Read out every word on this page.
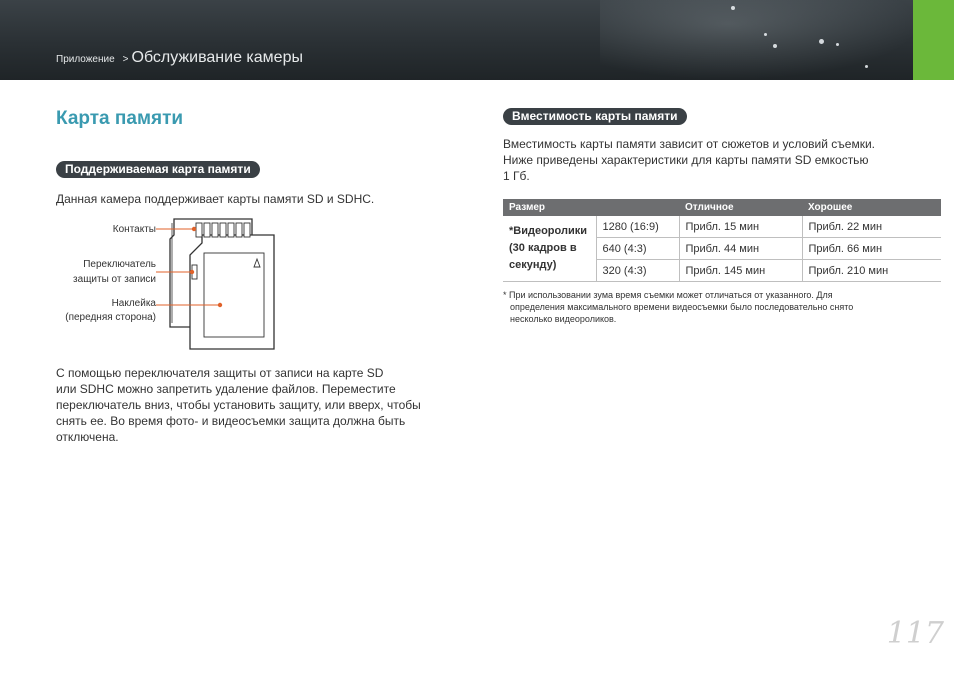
Приложение > Обслуживание камеры
Карта памяти
Поддерживаемая карта памяти
Данная камера поддерживает карты памяти SD и SDHC.
Контакты
Переключатель
защиты от записи
Наклейка
(передняя сторона)
С помощью переключателя защиты от записи на карте SD
или SDHC можно запретить удаление файлов. Переместите
переключатель вниз, чтобы установить защиту, или вверх, чтобы
снять ее. Во время фото- и видеосъемки защита должна быть
отключена.
Вместимость карты памяти
Вместимость карты памяти зависит от сюжетов и условий съемки.
Ниже приведены характеристики для карты памяти SD емкостью
1 Гб.
Размер		Отличное	Хорошее

*Видеоролики
(30 кадров в
секунду)	1280 (16:9)	Прибл. 15 мин	Прибл. 22 мин
	640 (4:3)	Прибл. 44 мин	Прибл. 66 мин
	320 (4:3)	Прибл. 145 мин	Прибл. 210 мин
* При использовании зума время съемки может отличаться от указанного. Для
определения максимального времени видеосъемки было последовательно снято
несколько видеороликов.
117
